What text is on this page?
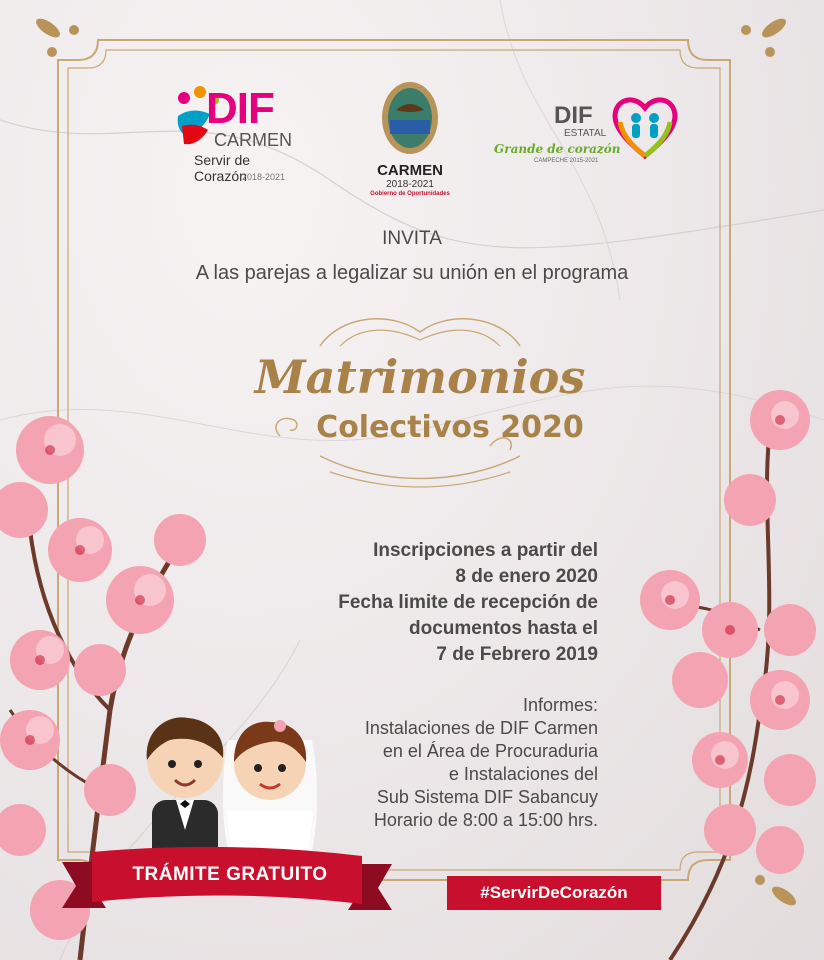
DIF
CARMEN
Servir de Corazón
2018-2021	CARMEN
2018-2021
Gobierno de Oportunidades
DIF
ESTATAL
Grande de corazón
CAMPECHE 2015-2021
INVITA
A las parejas a legalizar su unión en el programa
Matrimonios
Colectivos 2020
Inscripciones a partir del
8 de enero 2020
Fecha limite de recepción de
documentos hasta el
7 de Febrero 2019
Informes:
Instalaciones de DIF Carmen
en el Área de Procuraduria
e Instalaciones del
Sub Sistema DIF Sabancuy
Horario de 8:00 a 15:00 hrs.
TRÁMITE GRATUITO
#ServirDeCorazón
